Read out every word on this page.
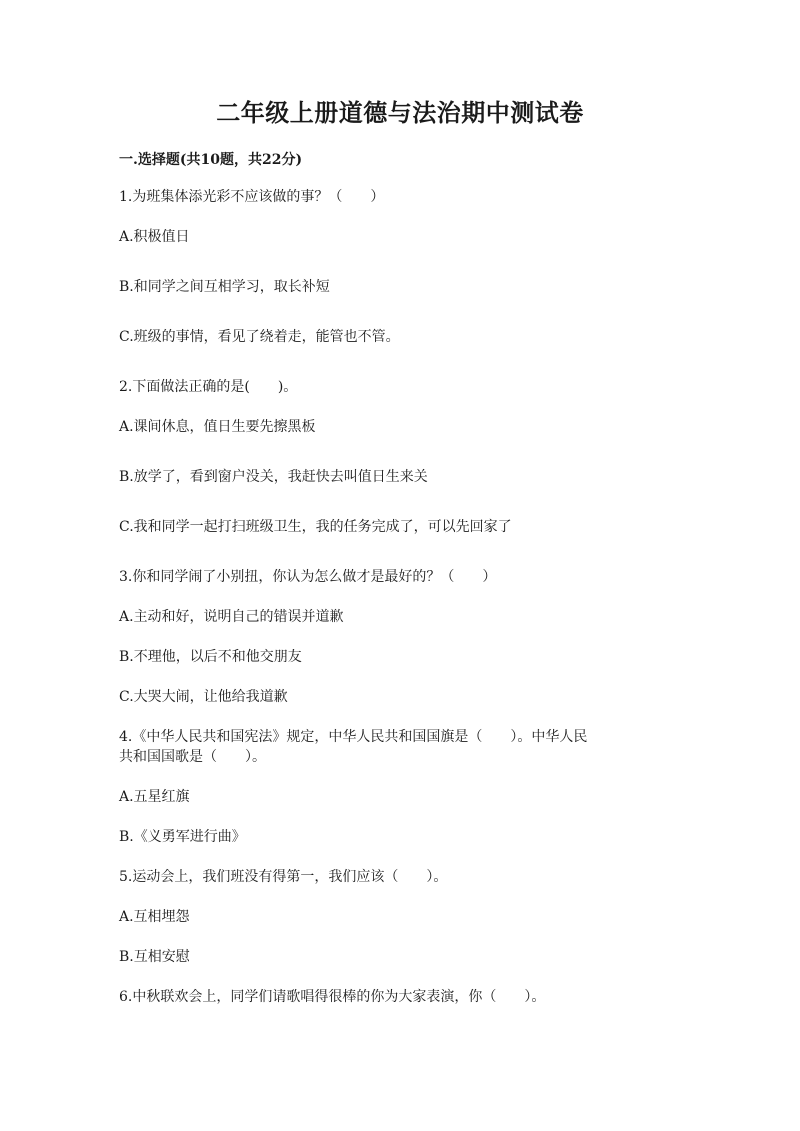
二年级上册道德与法治期中测试卷
一.选择题(共10题，共22分)
1.为班集体添光彩不应该做的事？（　　）
A.积极值日
B.和同学之间互相学习，取长补短
C.班级的事情，看见了绕着走，能管也不管。
2.下面做法正确的是(　　)。
A.课间休息，值日生要先擦黑板
B.放学了，看到窗户没关，我赶快去叫值日生来关
C.我和同学一起打扫班级卫生，我的任务完成了，可以先回家了
3.你和同学闹了小别扭，你认为怎么做才是最好的？（　　）
A.主动和好，说明自己的错误并道歉
B.不理他，以后不和他交朋友
C.大哭大闹，让他给我道歉
4.《中华人民共和国宪法》规定，中华人民共和国国旗是（　　）。中华人民
共和国国歌是（　　）。
A.五星红旗
B.《义勇军进行曲》
5.运动会上，我们班没有得第一，我们应该（　　）。
A.互相埋怨
B.互相安慰
6.中秋联欢会上，同学们请歌唱得很棒的你为大家表演，你（　　）。
